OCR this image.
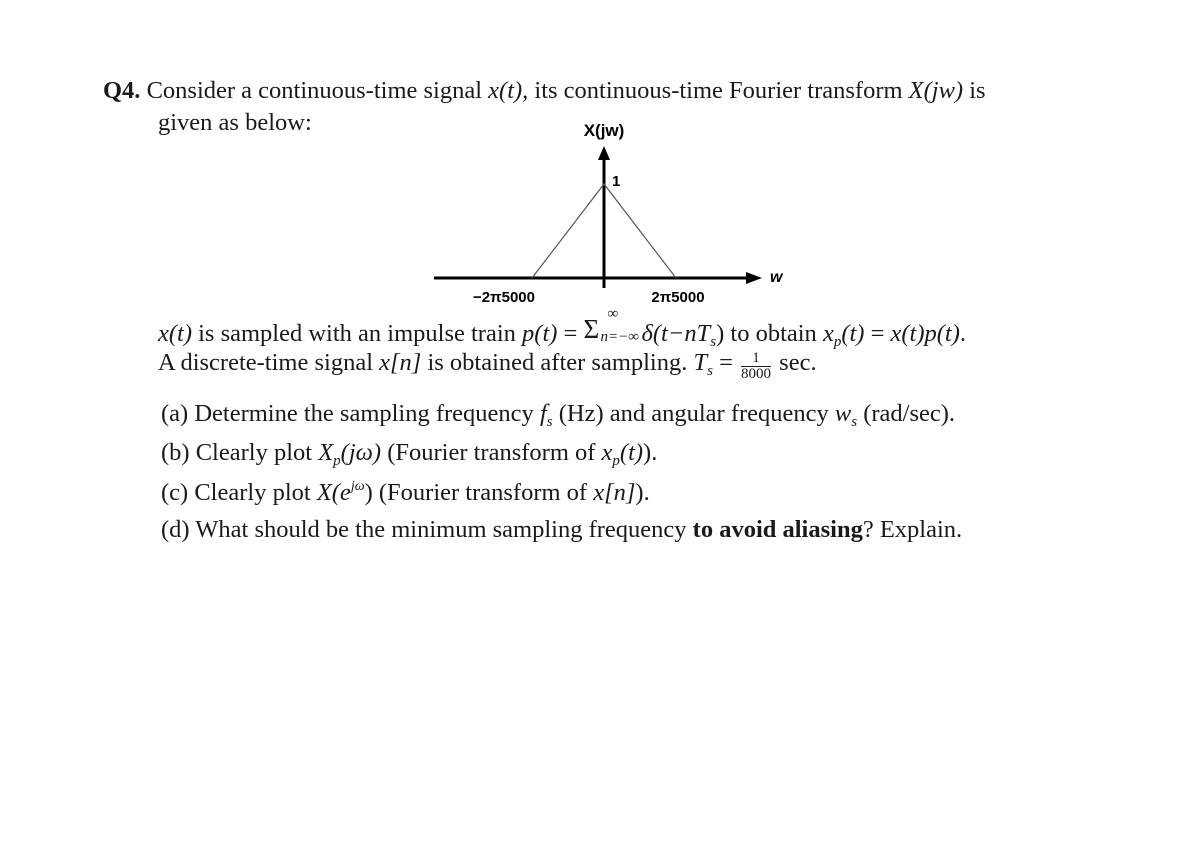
Q4. Consider a continuous-time signal x(t), its continuous-time Fourier transform X(jw) is
given as below:	X(jw)
w
1
−2π5000	2π5000
x(t) is sampled with an impulse train p(t) = Σ ∞
n=−∞ $\delta(t-nT_s)$ to obtain $x_p(t) = x(t)p(t)$.
A discrete-time signal x[n] is obtained after sampling. $T_s = \frac{1}{8000} \sec$.
(a) Determine the sampling frequency $f_s$ (Hz) and angular frequency $w_s$ (rad/sec).
(b) Clearly plot $X_p(j\omega)$ (Fourier transform of $x_p(t)$).
(c) Clearly plot $X(e^{j\omega})$ (Fourier transform of x[n]).
(d) What should be the minimum sampling frequency to avoid aliasing? Explain.
